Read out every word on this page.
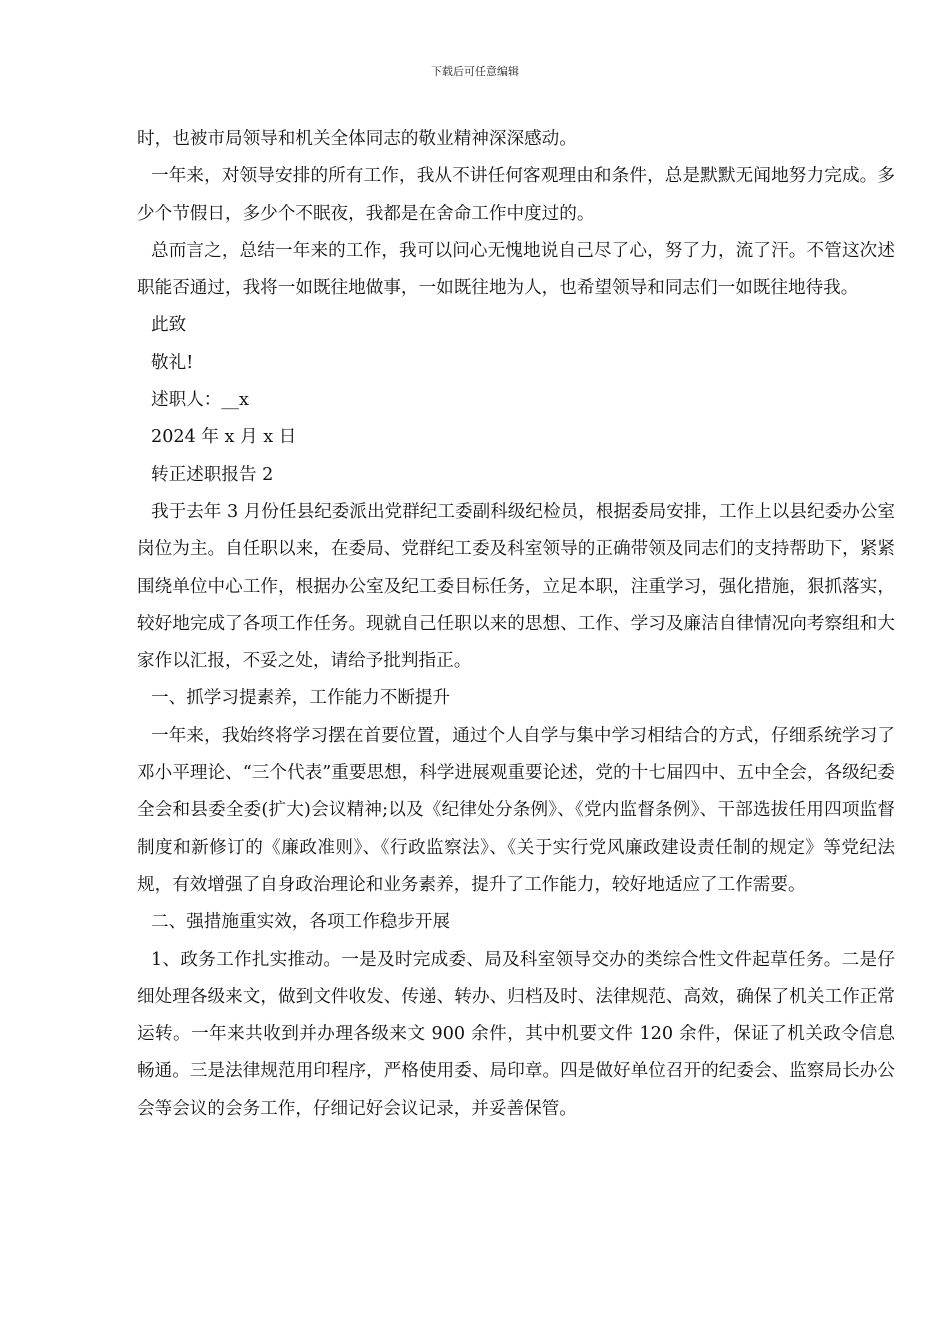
下载后可任意编辑

时，也被市局领导和机关全体同志的敬业精神深深感动。

一年来，对领导安排的所有工作，我从不讲任何客观理由和条件，总是默默无闻地努力完成。多少个节假日，多少个不眠夜，我都是在舍命工作中度过的。

总而言之，总结一年来的工作，我可以问心无愧地说自己尽了心，努了力，流了汗。不管这次述职能否通过，我将一如既往地做事，一如既往地为人，也希望领导和同志们一如既往地待我。

此致

敬礼!

述职人：__x

2024 年 x 月 x 日

转正述职报告 2

我于去年 3 月份任县纪委派出党群纪工委副科级纪检员，根据委局安排，工作上以县纪委办公室岗位为主。自任职以来，在委局、党群纪工委及科室领导的正确带领及同志们的支持帮助下，紧紧围绕单位中心工作，根据办公室及纪工委目标任务，立足本职，注重学习，强化措施，狠抓落实，较好地完成了各项工作任务。现就自己任职以来的思想、工作、学习及廉洁自律情况向考察组和大家作以汇报，不妥之处，请给予批判指正。

一、抓学习提素养，工作能力不断提升

一年来，我始终将学习摆在首要位置，通过个人自学与集中学习相结合的方式，仔细系统学习了邓小平理论、“三个代表”重要思想，科学进展观重要论述，党的十七届四中、五中全会，各级纪委全会和县委全委(扩大)会议精神;以及《纪律处分条例》、《党内监督条例》、干部选拔任用四项监督制度和新修订的《廉政准则》、《行政监察法》、《关于实行党风廉政建设责任制的规定》等党纪法规，有效增强了自身政治理论和业务素养，提升了工作能力，较好地适应了工作需要。

二、强措施重实效，各项工作稳步开展

1、政务工作扎实推动。一是及时完成委、局及科室领导交办的类综合性文件起草任务。二是仔细处理各级来文，做到文件收发、传递、转办、归档及时、法律规范、高效，确保了机关工作正常运转。一年来共收到并办理各级来文 900 余件，其中机要文件 120 余件，保证了机关政令信息畅通。三是法律规范用印程序，严格使用委、局印章。四是做好单位召开的纪委会、监察局长办公会等会议的会务工作，仔细记好会议记录，并妥善保管。
